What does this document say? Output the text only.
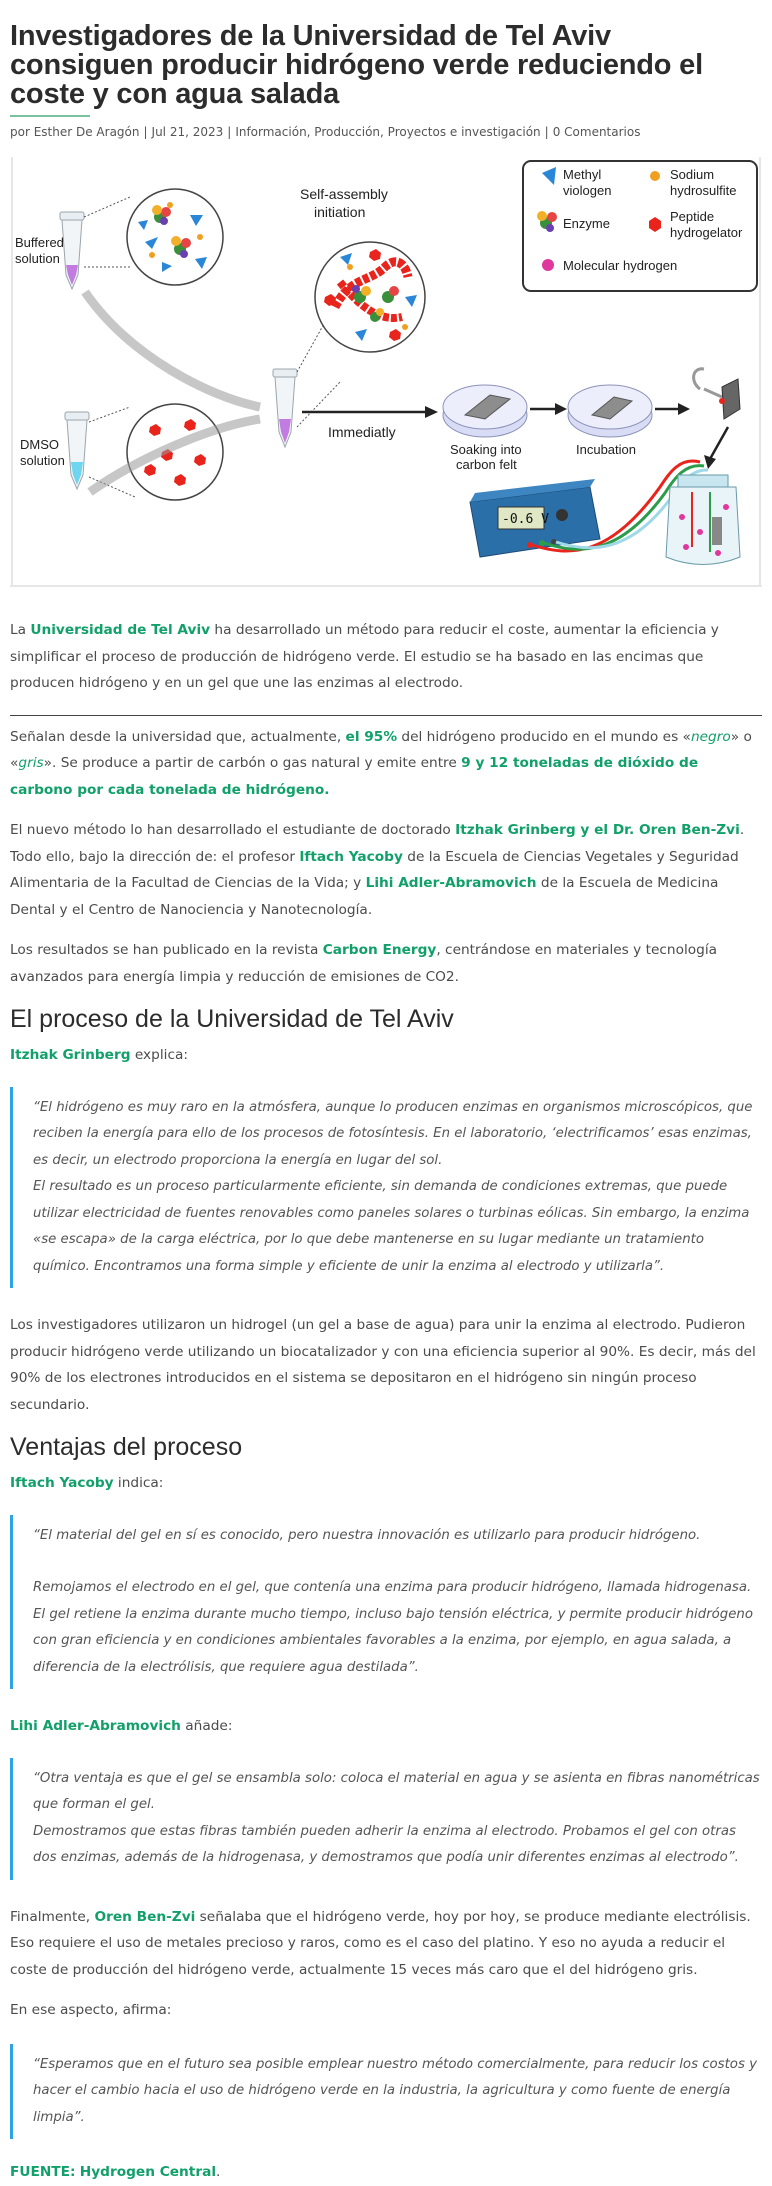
Investigadores de la Universidad de Tel Aviv consiguen producir hidrógeno verde reduciendo el coste y con agua salada
por Esther De Aragón | Jul 21, 2023 | Información, Producción, Proyectos e investigación | 0 Comentarios
Buffered
solution
DMSO
solution
Self-assembly
initiation
Immediatly
Soaking into
carbon felt
Incubation
Methyl
viologen
Sodium
hydrosulfite
Enzyme	Peptide
hydrogelator
Molecular hydrogen
-0.6 V

La Universidad de Tel Aviv ha desarrollado un método para reducir el coste, aumentar la eficiencia y simplificar el proceso de producción de hidrógeno verde. El estudio se ha basado en las encimas que producen hidrógeno y en un gel que une las enzimas al electrodo.

Señalan desde la universidad que, actualmente, el 95% del hidrógeno producido en el mundo es «negro» o «gris». Se produce a partir de carbón o gas natural y emite entre 9 y 12 toneladas de dióxido de carbono por cada tonelada de hidrógeno.

El nuevo método lo han desarrollado el estudiante de doctorado Itzhak Grinberg y el Dr. Oren Ben-Zvi. Todo ello, bajo la dirección de: el profesor Iftach Yacoby de la Escuela de Ciencias Vegetales y Seguridad Alimentaria de la Facultad de Ciencias de la Vida; y Lihi Adler-Abramovich de la Escuela de Medicina Dental y el Centro de Nanociencia y Nanotecnología.

Los resultados se han publicado en la revista Carbon Energy, centrándose en materiales y tecnología avanzados para energía limpia y reducción de emisiones de CO2.

El proceso de la Universidad de Tel Aviv

Itzhak Grinberg explica:

“El hidrógeno es muy raro en la atmósfera, aunque lo producen enzimas en organismos microscópicos, que reciben la energía para ello de los procesos de fotosíntesis. En el laboratorio, ‘electrificamos’ esas enzimas, es decir, un electrodo proporciona la energía en lugar del sol.
El resultado es un proceso particularmente eficiente, sin demanda de condiciones extremas, que puede utilizar electricidad de fuentes renovables como paneles solares o turbinas eólicas. Sin embargo, la enzima «se escapa» de la carga eléctrica, por lo que debe mantenerse en su lugar mediante un tratamiento químico. Encontramos una forma simple y eficiente de unir la enzima al electrodo y utilizarla”.

Los investigadores utilizaron un hidrogel (un gel a base de agua) para unir la enzima al electrodo. Pudieron producir hidrógeno verde utilizando un biocatalizador y con una eficiencia superior al 90%. Es decir, más del 90% de los electrones introducidos en el sistema se depositaron en el hidrógeno sin ningún proceso secundario.

Ventajas del proceso

Iftach Yacoby indica:

“El material del gel en sí es conocido, pero nuestra innovación es utilizarlo para producir hidrógeno.
Remojamos el electrodo en el gel, que contenía una enzima para producir hidrógeno, llamada hidrogenasa. El gel retiene la enzima durante mucho tiempo, incluso bajo tensión eléctrica, y permite producir hidrógeno con gran eficiencia y en condiciones ambientales favorables a la enzima, por ejemplo, en agua salada, a diferencia de la electrólisis, que requiere agua destilada”.

Lihi Adler-Abramovich añade:

“Otra ventaja es que el gel se ensambla solo: coloca el material en agua y se asienta en fibras nanométricas que forman el gel.
Demostramos que estas fibras también pueden adherir la enzima al electrodo. Probamos el gel con otras dos enzimas, además de la hidrogenasa, y demostramos que podía unir diferentes enzimas al electrodo”.

Finalmente, Oren Ben-Zvi señalaba que el hidrógeno verde, hoy por hoy, se produce mediante electrólisis. Eso requiere el uso de metales precioso y raros, como es el caso del platino. Y eso no ayuda a reducir el coste de producción del hidrógeno verde, actualmente 15 veces más caro que el del hidrógeno gris.

En ese aspecto, afirma:

“Esperamos que en el futuro sea posible emplear nuestro método comercialmente, para reducir los costos y hacer el cambio hacia el uso de hidrógeno verde en la industria, la agricultura y como fuente de energía limpia”.

FUENTE: Hydrogen Central.
